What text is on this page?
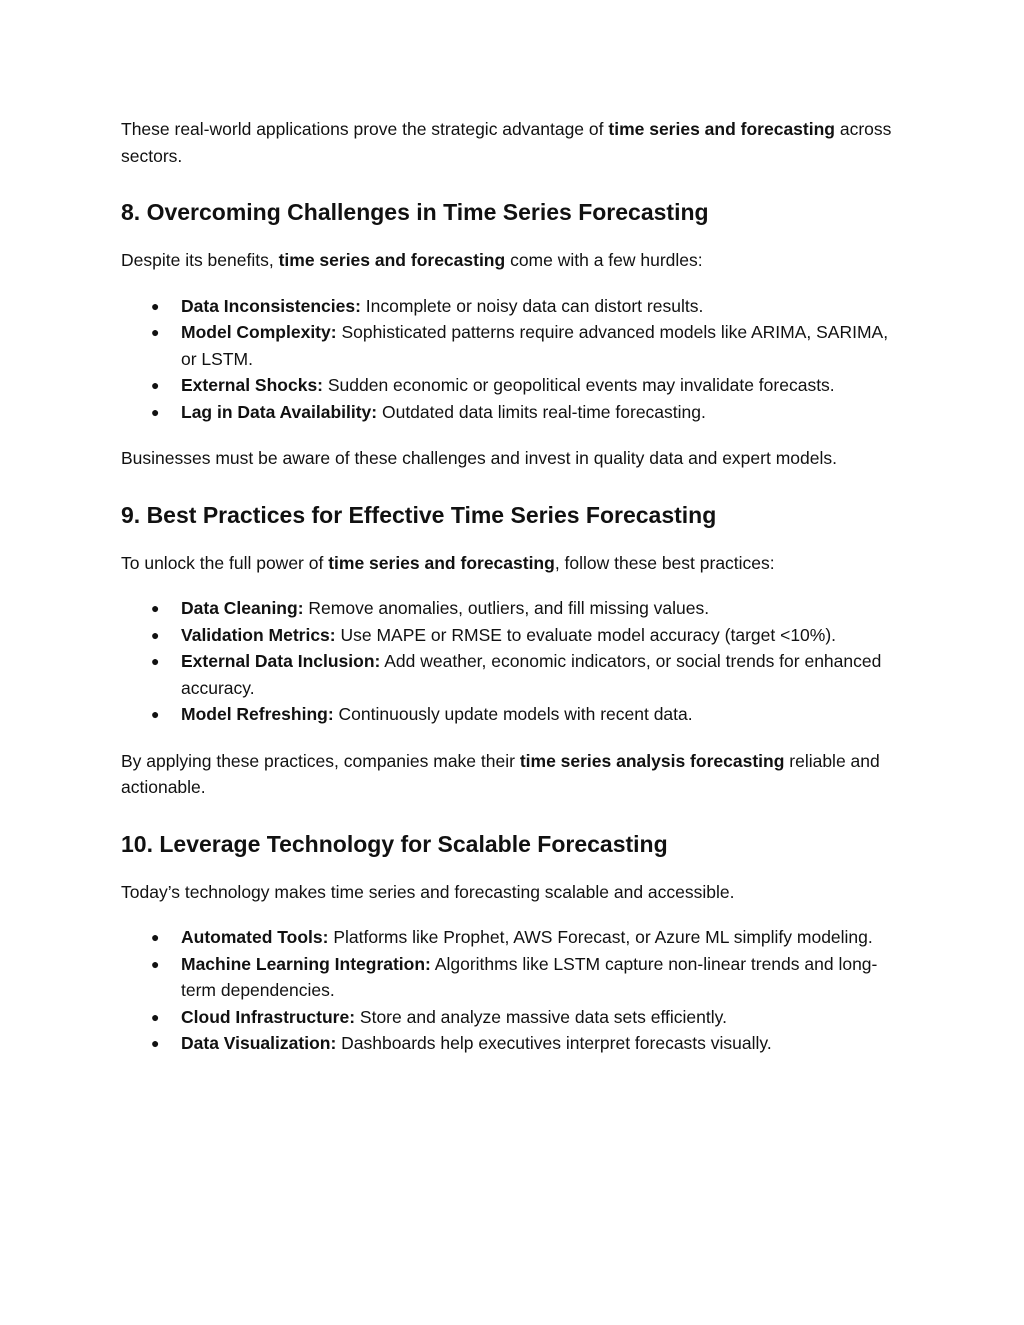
These real-world applications prove the strategic advantage of time series and forecasting across sectors.

8. Overcoming Challenges in Time Series Forecasting

Despite its benefits, time series and forecasting come with a few hurdles:

● Data Inconsistencies: Incomplete or noisy data can distort results.
● Model Complexity: Sophisticated patterns require advanced models like ARIMA, SARIMA, or LSTM.
● External Shocks: Sudden economic or geopolitical events may invalidate forecasts.
● Lag in Data Availability: Outdated data limits real-time forecasting.

Businesses must be aware of these challenges and invest in quality data and expert models.

9. Best Practices for Effective Time Series Forecasting

To unlock the full power of time series and forecasting, follow these best practices:

● Data Cleaning: Remove anomalies, outliers, and fill missing values.
● Validation Metrics: Use MAPE or RMSE to evaluate model accuracy (target <10%).
● External Data Inclusion: Add weather, economic indicators, or social trends for enhanced accuracy.
● Model Refreshing: Continuously update models with recent data.

By applying these practices, companies make their time series analysis forecasting reliable and actionable.

10. Leverage Technology for Scalable Forecasting

Today’s technology makes time series and forecasting scalable and accessible.

● Automated Tools: Platforms like Prophet, AWS Forecast, or Azure ML simplify modeling.
● Machine Learning Integration: Algorithms like LSTM capture non-linear trends and long-term dependencies.
● Cloud Infrastructure: Store and analyze massive data sets efficiently.
● Data Visualization: Dashboards help executives interpret forecasts visually.
